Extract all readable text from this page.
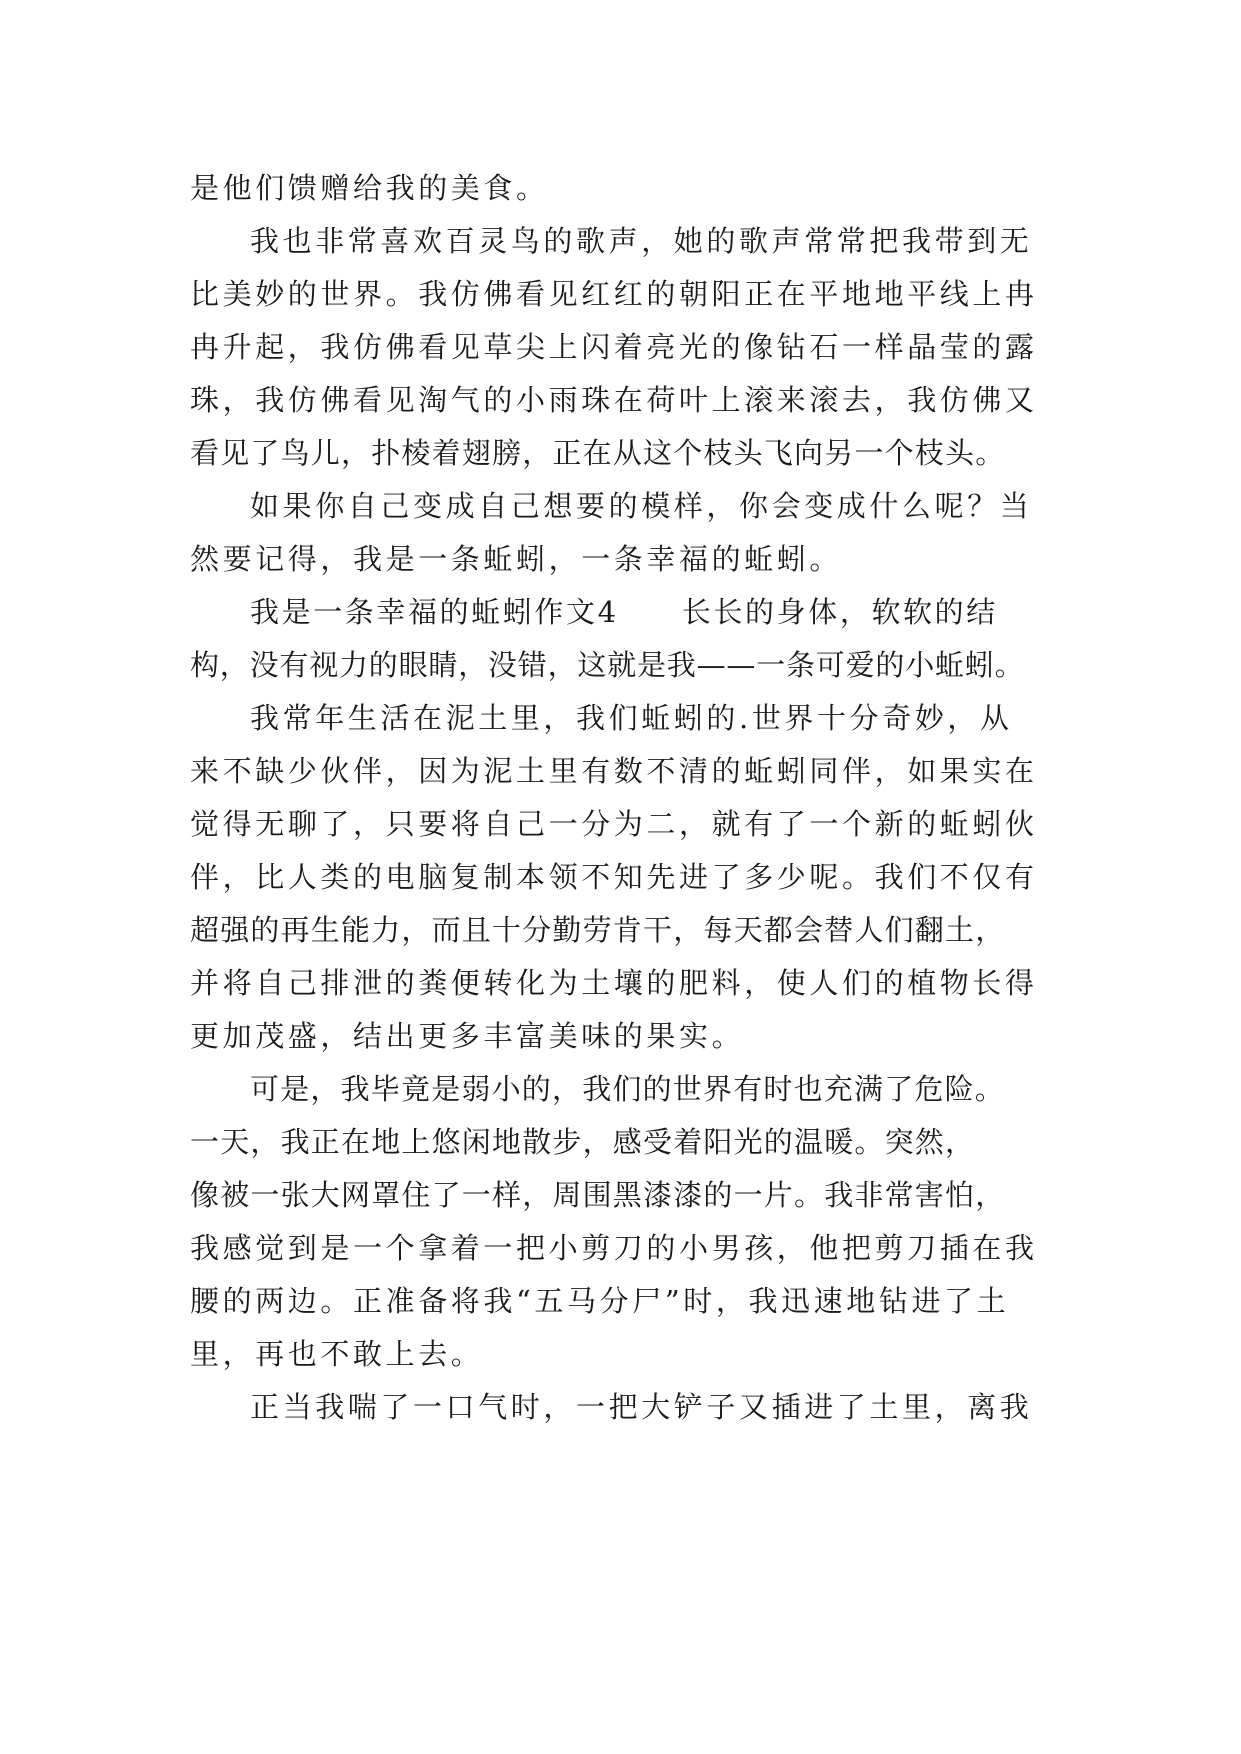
是他们馈赠给我的美食。
我也非常喜欢百灵鸟的歌声，她的歌声常常把我带到无
比美妙的世界。我仿佛看见红红的朝阳正在平地地平线上冉
冉升起，我仿佛看见草尖上闪着亮光的像钻石一样晶莹的露
珠，我仿佛看见淘气的小雨珠在荷叶上滚来滚去，我仿佛又
看见了鸟儿，扑棱着翅膀，正在从这个枝头飞向另一个枝头。
如果你自己变成自己想要的模样，你会变成什么呢？当
然要记得，我是一条蚯蚓，一条幸福的蚯蚓。
我是一条幸福的蚯蚓作文4　　长长的身体，软软的结
构，没有视力的眼睛，没错，这就是我——一条可爱的小蚯蚓。
我常年生活在泥土里，我们蚯蚓的.世界十分奇妙，从
来不缺少伙伴，因为泥土里有数不清的蚯蚓同伴，如果实在
觉得无聊了，只要将自己一分为二，就有了一个新的蚯蚓伙
伴，比人类的电脑复制本领不知先进了多少呢。我们不仅有
超强的再生能力，而且十分勤劳肯干，每天都会替人们翻土，
并将自己排泄的粪便转化为土壤的肥料，使人们的植物长得
更加茂盛，结出更多丰富美味的果实。
可是，我毕竟是弱小的，我们的世界有时也充满了危险。
一天，我正在地上悠闲地散步，感受着阳光的温暖。突然，
像被一张大网罩住了一样，周围黑漆漆的一片。我非常害怕，
我感觉到是一个拿着一把小剪刀的小男孩，他把剪刀插在我
腰的两边。正准备将我“五马分尸”时，我迅速地钻进了土
里，再也不敢上去。
正当我喘了一口气时，一把大铲子又插进了土里，离我
